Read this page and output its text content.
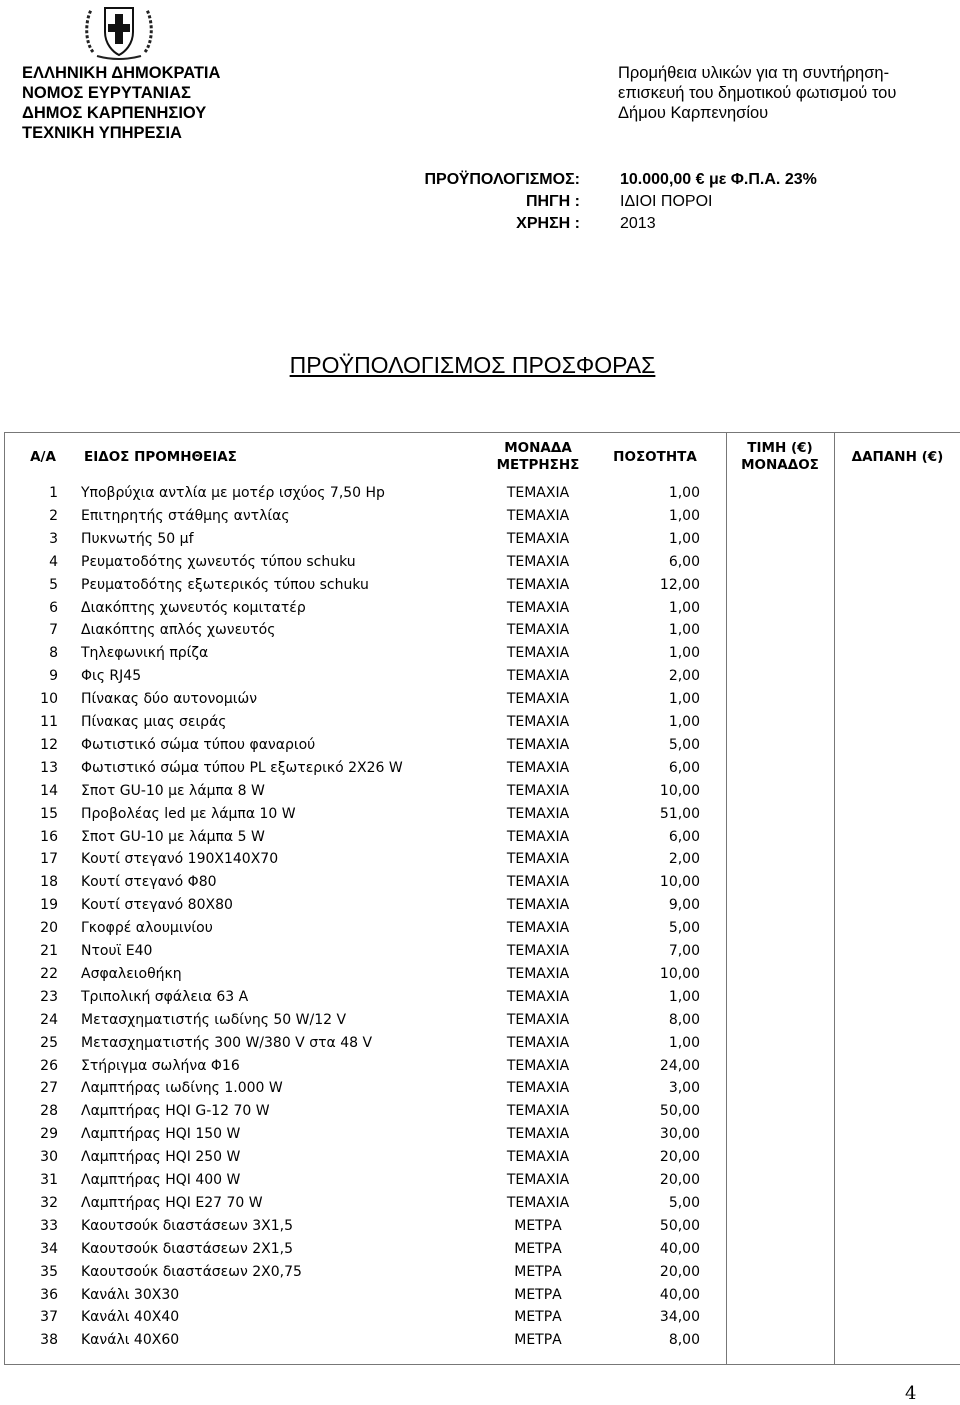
ΕΛΛΗΝΙΚΗ ΔΗΜΟΚΡΑΤΙΑ
ΝΟΜΟΣ ΕΥΡΥΤΑΝΙΑΣ
ΔΗΜΟΣ ΚΑΡΠΕΝΗΣΙΟΥ
ΤΕΧΝΙΚΗ ΥΠΗΡΕΣΙΑ
Προμήθεια υλικών για τη συντήρηση-
επισκευή του δημοτικού φωτισμού του
Δήμου Καρπενησίου
ΠΡΟΫΠΟΛΟΓΙΣΜΟΣ:	10.000,00 € με Φ.Π.Α. 23%
ΠΗΓΗ :	ΙΔΙΟΙ ΠΟΡΟΙ
ΧΡΗΣΗ :	2013
ΠΡΟΫΠΟΛΟΓΙΣΜΟΣ ΠΡΟΣΦΟΡΑΣ
Α/Α	ΕΙΔΟΣ ΠΡΟΜΗΘΕΙΑΣ
ΜΟΝΑΔΑ
ΜΕΤΡΗΣΗΣ	ΠΟΣΟΤΗΤΑ
ΤΙΜΗ (€)
ΜΟΝΑΔΟΣ	ΔΑΠΑΝΗ (€)
1 Υποβρύχια αντλία με μοτέρ ισχύος 7,50 Hp	ΤΕΜΑΧΙΑ	1,00
2 Επιτηρητής στάθμης αντλίας	ΤΕΜΑΧΙΑ	1,00
3 Πυκνωτής 50 μf	ΤΕΜΑΧΙΑ	1,00
4 Ρευματοδότης χωνευτός τύπου schuku	ΤΕΜΑΧΙΑ	6,00
5 Ρευματοδότης εξωτερικός τύπου schuku	ΤΕΜΑΧΙΑ	12,00
6 Διακόπτης χωνευτός κομιτατέρ	ΤΕΜΑΧΙΑ	1,00
7 Διακόπτης απλός χωνευτός	ΤΕΜΑΧΙΑ	1,00
8 Τηλεφωνική πρίζα	ΤΕΜΑΧΙΑ	1,00
9 Φις RJ45	ΤΕΜΑΧΙΑ	2,00
10 Πίνακας δύο αυτονομιών	ΤΕΜΑΧΙΑ	1,00
11 Πίνακας μιας σειράς	ΤΕΜΑΧΙΑ	1,00
12 Φωτιστικό σώμα τύπου φαναριού	ΤΕΜΑΧΙΑ	5,00
13 Φωτιστικό σώμα τύπου PL εξωτερικό 2Χ26 W	ΤΕΜΑΧΙΑ	6,00
14 Σποτ GU-10 με λάμπα 8 W	ΤΕΜΑΧΙΑ	10,00
15 Προβολέας led με λάμπα 10 W	ΤΕΜΑΧΙΑ	51,00
16 Σποτ GU-10 με λάμπα 5 W	ΤΕΜΑΧΙΑ	6,00
17 Κουτί στεγανό 190Χ140Χ70	ΤΕΜΑΧΙΑ	2,00
18 Κουτί στεγανό Φ80	ΤΕΜΑΧΙΑ	10,00
19 Κουτί στεγανό 80Χ80	ΤΕΜΑΧΙΑ	9,00
20 Γκοφρέ αλουμινίου	ΤΕΜΑΧΙΑ	5,00
21 Ντουϊ Ε40	ΤΕΜΑΧΙΑ	7,00
22 Ασφαλειοθήκη	ΤΕΜΑΧΙΑ	10,00
23 Τριπολική σφάλεια 63 Α	ΤΕΜΑΧΙΑ	1,00
24 Μετασχηματιστής ιωδίνης 50 W/12 V	ΤΕΜΑΧΙΑ	8,00
25 Μετασχηματιστής 300 W/380 V στα 48 V	ΤΕΜΑΧΙΑ	1,00
26 Στήριγμα σωλήνα Φ16	ΤΕΜΑΧΙΑ	24,00
27 Λαμπτήρας ιωδίνης 1.000 W	ΤΕΜΑΧΙΑ	3,00
28 Λαμπτήρας HQI G-12 70 W	ΤΕΜΑΧΙΑ	50,00
29 Λαμπτήρας HQI 150 W	ΤΕΜΑΧΙΑ	30,00
30 Λαμπτήρας HQI 250 W	ΤΕΜΑΧΙΑ	20,00
31 Λαμπτήρας HQI 400 W	ΤΕΜΑΧΙΑ	20,00
32 Λαμπτήρας HQI E27 70 W	ΤΕΜΑΧΙΑ	5,00
33 Καουτσούκ διαστάσεων 3Χ1,5	ΜΕΤΡΑ	50,00
34 Καουτσούκ διαστάσεων 2Χ1,5	ΜΕΤΡΑ	40,00
35 Καουτσούκ διαστάσεων 2Χ0,75	ΜΕΤΡΑ	20,00
36 Κανάλι 30Χ30	ΜΕΤΡΑ	40,00
37 Κανάλι 40Χ40	ΜΕΤΡΑ	34,00
38 Κανάλι 40Χ60	ΜΕΤΡΑ	8,00
4
